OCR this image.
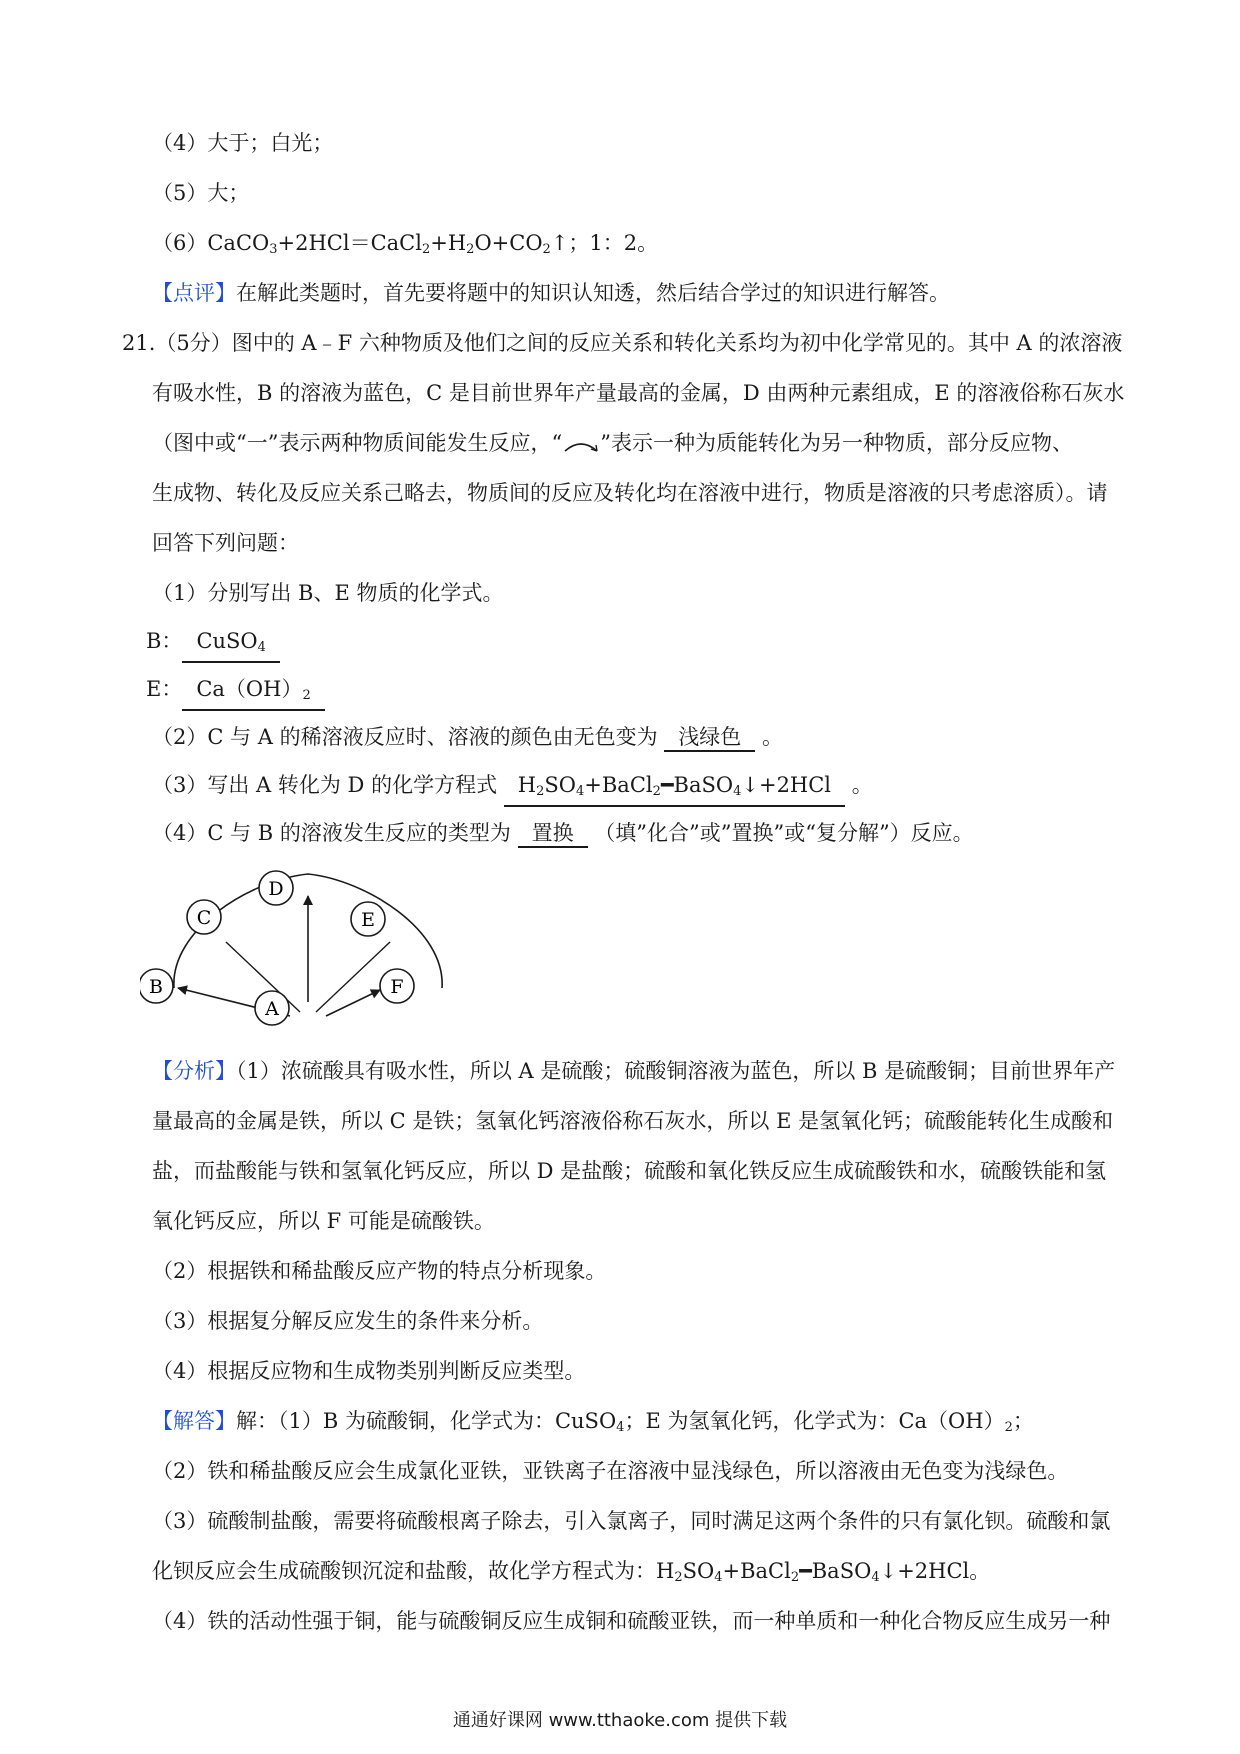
（4）大于；白光；
（5）大；
$(6)CaCO_3+2HCl=CaCl_2+H_2O+CO_2↑$；1：2。
【点评】在解此类题时，首先要将题中的知识认知透，然后结合学过的知识进行解答。
21.（5分）图中的 A﹣F 六种物质及他们之间的反应关系和转化关系均为初中化学常见的。其中 A 的浓溶液
有吸水性，B 的溶液为蓝色，C 是目前世界年产量最高的金属，D 由两种元素组成，E 的溶液俗称石灰水
（图中或“一”表示两种物质间能发生反应，“ ”表示一种为质能转化为另一种物质，部分反应物、
生成物、转化及反应关系己略去，物质间的反应及转化均在溶液中进行，物质是溶液的只考虑溶质）。请
回答下列问题：
（1）分别写出 B、E 物质的化学式。
B： CuSO$_4$
E： $Ca(OH)_2$
（2）C 与 A 的稀溶液反应时、溶液的颜色由无色变为 浅绿色 。
（3）写出 A 转化为 D 的化学方程式 $H_2SO_4+BaCl_2━BaSO_4↓+2HCl$ 。
（4）C 与 B 的溶液发生反应的类型为 置换 （填”化合”或”置换”或“复分解”）反应。
B
C
D
E
F
A
【分析】（1）浓硫酸具有吸水性，所以 A 是硫酸；硫酸铜溶液为蓝色，所以 B 是硫酸铜；目前世界年产
量最高的金属是铁，所以 C 是铁；氢氧化钙溶液俗称石灰水，所以 E 是氢氧化钙；硫酸能转化生成酸和
盐，而盐酸能与铁和氢氧化钙反应，所以 D 是盐酸；硫酸和氧化铁反应生成硫酸铁和水，硫酸铁能和氢
氧化钙反应，所以 F 可能是硫酸铁。
（2）根据铁和稀盐酸反应产物的特点分析现象。
（3）根据复分解反应发生的条件来分析。
（4）根据反应物和生成物类别判断反应类型。
【解答】解：（1）B 为硫酸铜，化学式为：CuSO$_4$；E 为氢氧化钙，化学式为：$Ca(OH)_2$；
（2）铁和稀盐酸反应会生成氯化亚铁，亚铁离子在溶液中显浅绿色，所以溶液由无色变为浅绿色。
（3）硫酸制盐酸，需要将硫酸根离子除去，引入氯离子，同时满足这两个条件的只有氯化钡。硫酸和氯
化钡反应会生成硫酸钡沉淀和盐酸，故化学方程式为：$H_2SO_4+BaCl_2━BaSO_4↓+2HCl$。
（4）铁的活动性强于铜，能与硫酸铜反应生成铜和硫酸亚铁，而一种单质和一种化合物反应生成另一种
通通好课网 www.tthaoke.com 提供下载
